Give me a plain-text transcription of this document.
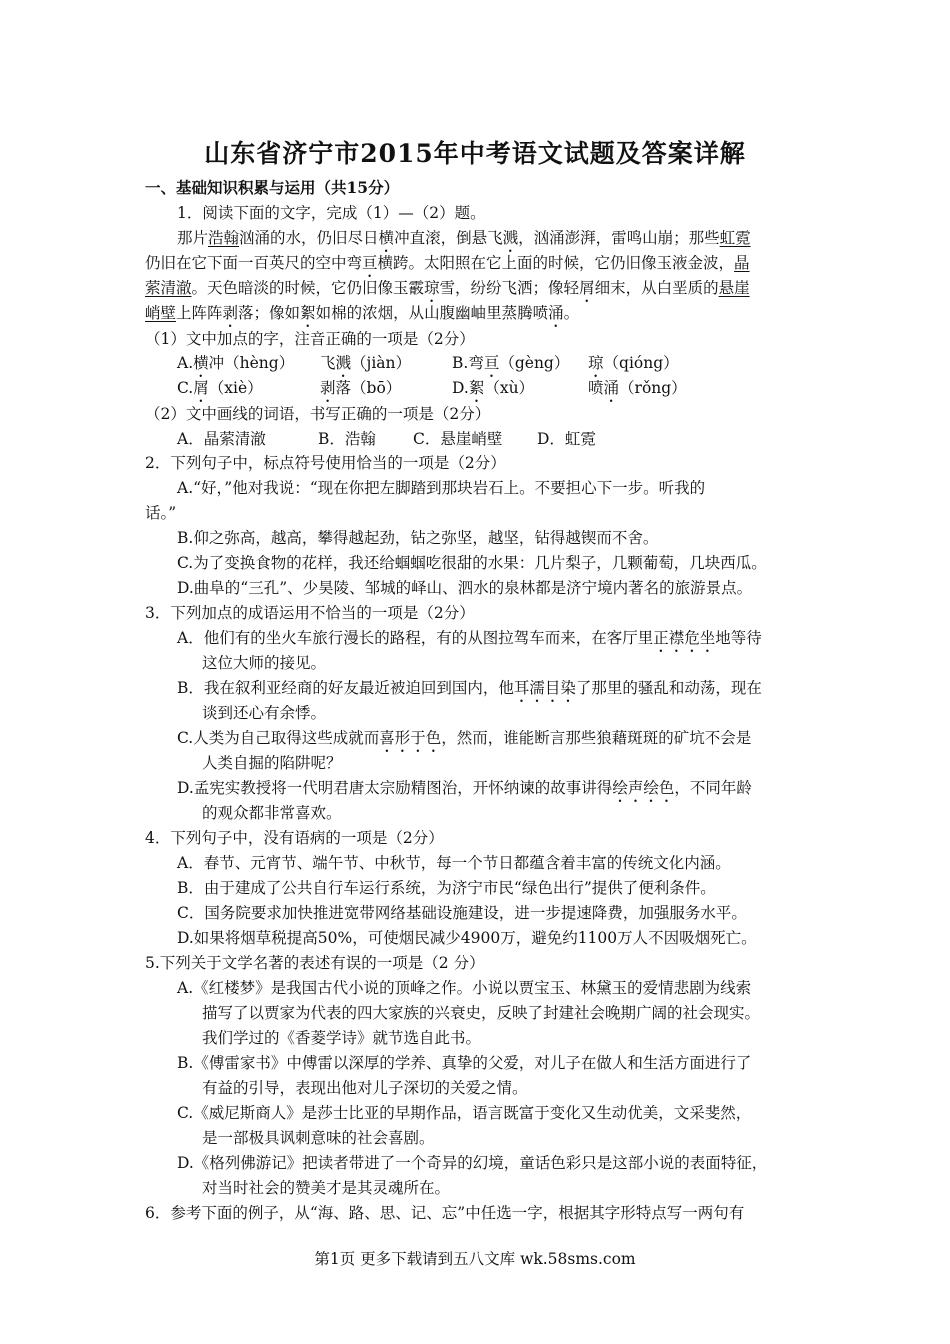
山东省济宁市2015年中考语文试题及答案详解
一、基础知识积累与运用（共15分）
1．阅读下面的文字，完成（1）—（2）题。
那片浩翰汹涌的水，仍旧尽日横冲直滚，倒悬飞溅，汹涌澎湃，雷鸣山崩；那些虹霓
仍旧在它下面一百英尺的空中弯亘横跨。太阳照在它上面的时候，它仍旧像玉液金波，晶
萦清澈。天色暗淡的时候，它仍旧像玉霰琼雪，纷纷飞洒；像轻屑细末，从白垩质的悬崖
峭壁上阵阵剥落；像如絮如棉的浓烟，从山腹幽岫里蒸腾喷涌。
（1）文中加点的字，注音正确的一项是（2分）
A.横冲（hèng） 飞溅（jiàn）	B.弯亘（gèng） 琼（qióng）
C.屑（xiè）	剥落（bō）	D.絮（xù）	喷涌（rǒng）
（2）文中画线的词语，书写正确的一项是（2分）
A．晶萦清澈	B．浩翰 C．悬崖峭壁 D．虹霓
2．下列句子中，标点符号使用恰当的一项是（2分）
A.“好，”他对我说：“现在你把左脚踏到那块岩石上。不要担心下一步。听我的
话。”
B.仰之弥高，越高，攀得越起劲，钻之弥坚，越坚，钻得越锲而不舍。
C.为了变换食物的花样，我还给蝈蝈吃很甜的水果：几片梨子，几颗葡萄，几块西瓜。
D.曲阜的“三孔”、少昊陵、邹城的峄山、泗水的泉林都是济宁境内著名的旅游景点。
3．下列加点的成语运用不恰当的一项是（2分）
A．他们有的坐火车旅行漫长的路程，有的从图拉驾车而来，在客厅里正襟危坐地等待
这位大师的接见。
B．我在叙利亚经商的好友最近被迫回到国内，他耳濡目染了那里的骚乱和动荡，现在
谈到还心有余悸。
C.人类为自己取得这些成就而喜形于色，然而，谁能断言那些狼藉斑斑的矿坑不会是
人类自掘的陷阱呢？
D.孟宪实教授将一代明君唐太宗励精图治，开怀纳谏的故事讲得绘声绘色，不同年龄
的观众都非常喜欢。
4．下列句子中，没有语病的一项是（2分）
A．春节、元宵节、端午节、中秋节，每一个节日都蕴含着丰富的传统文化内涵。
B．由于建成了公共自行车运行系统，为济宁市民“绿色出行”提供了便利条件。
C．国务院要求加快推进宽带网络基础设施建设，进一步提速降费，加强服务水平。
D.如果将烟草税提高50%，可使烟民减少4900万，避免约1100万人不因吸烟死亡。
5.下列关于文学名著的表述有误的一项是（2 分）
A.《红楼梦》是我国古代小说的顶峰之作。小说以贾宝玉、林黛玉的爱情悲剧为线索
描写了以贾家为代表的四大家族的兴衰史，反映了封建社会晚期广阔的社会现实。
我们学过的《香菱学诗》就节选自此书。
B.《傅雷家书》中傅雷以深厚的学养、真挚的父爱，对儿子在做人和生活方面进行了
有益的引导，表现出他对儿子深切的关爱之情。
C.《威尼斯商人》是莎士比亚的早期作品，语言既富于变化又生动优美，文采斐然，
是一部极具讽刺意味的社会喜剧。
D.《格列佛游记》把读者带进了一个奇异的幻境，童话色彩只是这部小说的表面特征，
对当时社会的赞美才是其灵魂所在。
6．参考下面的例子，从“海、路、思、记、忘”中任选一字，根据其字形特点写一两句有
第1页 更多下载请到五八文库 wk.58sms.com
